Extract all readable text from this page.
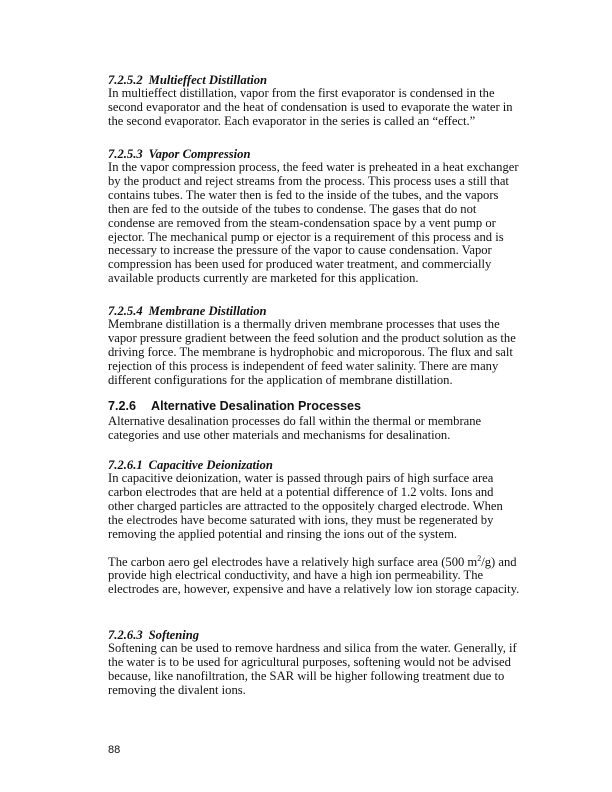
7.2.5.2 Multieffect Distillation
In multieffect distillation, vapor from the first evaporator is condensed in the
second evaporator and the heat of condensation is used to evaporate the water in
the second evaporator. Each evaporator in the series is called an “effect.”
7.2.5.3 Vapor Compression
In the vapor compression process, the feed water is preheated in a heat exchanger
by the product and reject streams from the process. This process uses a still that
contains tubes. The water then is fed to the inside of the tubes, and the vapors
then are fed to the outside of the tubes to condense. The gases that do not
condense are removed from the steam-condensation space by a vent pump or
ejector. The mechanical pump or ejector is a requirement of this process and is
necessary to increase the pressure of the vapor to cause condensation. Vapor
compression has been used for produced water treatment, and commercially
available products currently are marketed for this application.
7.2.5.4 Membrane Distillation
Membrane distillation is a thermally driven membrane processes that uses the
vapor pressure gradient between the feed solution and the product solution as the
driving force. The membrane is hydrophobic and microporous. The flux and salt
rejection of this process is independent of feed water salinity. There are many
different configurations for the application of membrane distillation.
7.2.6 Alternative Desalination Processes
Alternative desalination processes do fall within the thermal or membrane
categories and use other materials and mechanisms for desalination.
7.2.6.1 Capacitive Deionization
In capacitive deionization, water is passed through pairs of high surface area
carbon electrodes that are held at a potential difference of 1.2 volts. Ions and
other charged particles are attracted to the oppositely charged electrode. When
the electrodes have become saturated with ions, they must be regenerated by
removing the applied potential and rinsing the ions out of the system.
The carbon aero gel electrodes have a relatively high surface area (500 $m^2/g$) and
provide high electrical conductivity, and have a high ion permeability. The
electrodes are, however, expensive and have a relatively low ion storage capacity.
7.2.6.3 Softening
Softening can be used to remove hardness and silica from the water. Generally, if
the water is to be used for agricultural purposes, softening would not be advised
because, like nanofiltration, the SAR will be higher following treatment due to
removing the divalent ions.
88
